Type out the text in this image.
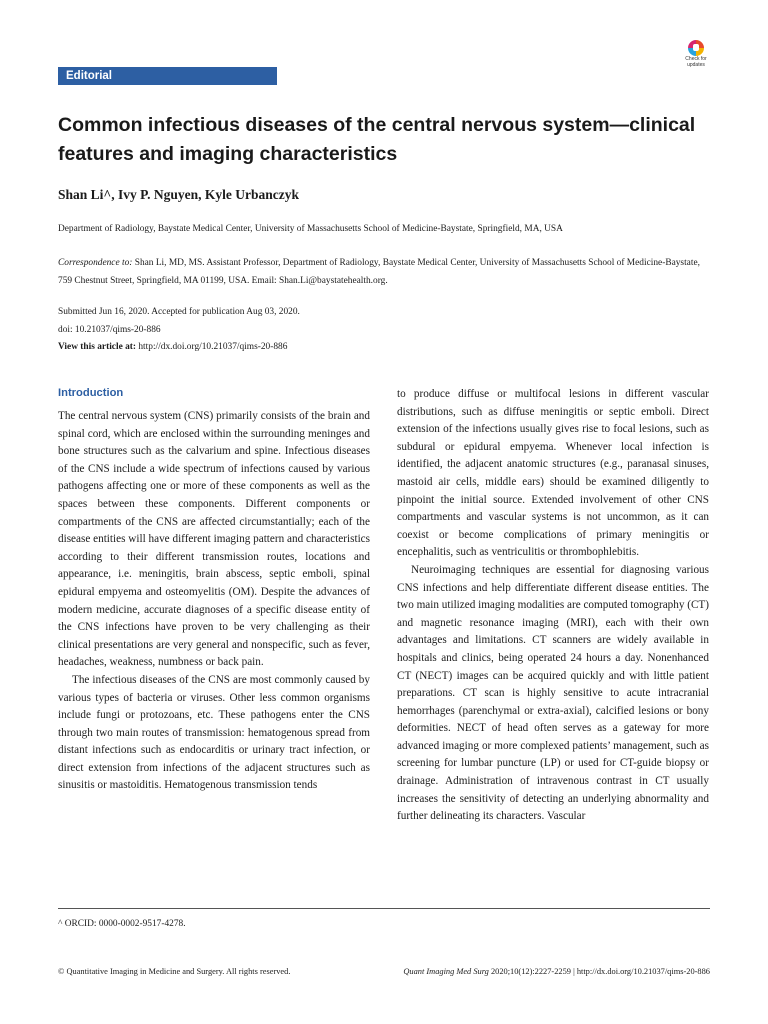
Check for updates
Editorial
Common infectious diseases of the central nervous system—clinical features and imaging characteristics

Shan Li^, Ivy P. Nguyen, Kyle Urbanczyk

Department of Radiology, Baystate Medical Center, University of Massachusetts School of Medicine-Baystate, Springfield, MA, USA

Correspondence to: Shan Li, MD, MS. Assistant Professor, Department of Radiology, Baystate Medical Center, University of Massachusetts School of Medicine-Baystate, 759 Chestnut Street, Springfield, MA 01199, USA. Email: Shan.Li@baystatehealth.org.

Submitted Jun 16, 2020. Accepted for publication Aug 03, 2020.
doi: 10.21037/qims-20-886
View this article at: http://dx.doi.org/10.21037/qims-20-886

Introduction

The central nervous system (CNS) primarily consists of the brain and spinal cord, which are enclosed within the surrounding meninges and bone structures such as the calvarium and spine. Infectious diseases of the CNS include a wide spectrum of infections caused by various pathogens affecting one or more of these components as well as the spaces between these components. Different components or compartments of the CNS are affected circumstantially; each of the disease entities will have different imaging pattern and characteristics according to their different transmission routes, locations and appearance, i.e. meningitis, brain abscess, septic emboli, spinal epidural empyema and osteomyelitis (OM). Despite the advances of modern medicine, accurate diagnoses of a specific disease entity of the CNS infections have proven to be very challenging as their clinical presentations are very general and nonspecific, such as fever, headaches, weakness, numbness or back pain.

The infectious diseases of the CNS are most commonly caused by various types of bacteria or viruses. Other less common organisms include fungi or protozoans, etc. These pathogens enter the CNS through two main routes of transmission: hematogenous spread from distant infections such as endocarditis or urinary tract infection, or direct extension from infections of the adjacent structures such as sinusitis or mastoiditis. Hematogenous transmission tends

to produce diffuse or multifocal lesions in different vascular distributions, such as diffuse meningitis or septic emboli. Direct extension of the infections usually gives rise to focal lesions, such as subdural or epidural empyema. Whenever local infection is identified, the adjacent anatomic structures (e.g., paranasal sinuses, mastoid air cells, middle ears) should be examined diligently to pinpoint the initial source. Extended involvement of other CNS compartments and vascular systems is not uncommon, as it can coexist or become complications of primary meningitis or encephalitis, such as ventriculitis or thrombophlebitis.

Neuroimaging techniques are essential for diagnosing various CNS infections and help differentiate different disease entities. The two main utilized imaging modalities are computed tomography (CT) and magnetic resonance imaging (MRI), each with their own advantages and limitations. CT scanners are widely available in hospitals and clinics, being operated 24 hours a day. Nonenhanced CT (NECT) images can be acquired quickly and with little patient preparations. CT scan is highly sensitive to acute intracranial hemorrhages (parenchymal or extra-axial), calcified lesions or bony deformities. NECT of head often serves as a gateway for more advanced imaging or more complexed patients’ management, such as screening for lumbar puncture (LP) or used for CT-guide biopsy or drainage. Administration of intravenous contrast in CT usually increases the sensitivity of detecting an underlying abnormality and further delineating its characters. Vascular

^ ORCID: 0000-0002-9517-4278.

© Quantitative Imaging in Medicine and Surgery. All rights reserved.	Quant Imaging Med Surg 2020;10(12):2227-2259 | http://dx.doi.org/10.21037/qims-20-886
